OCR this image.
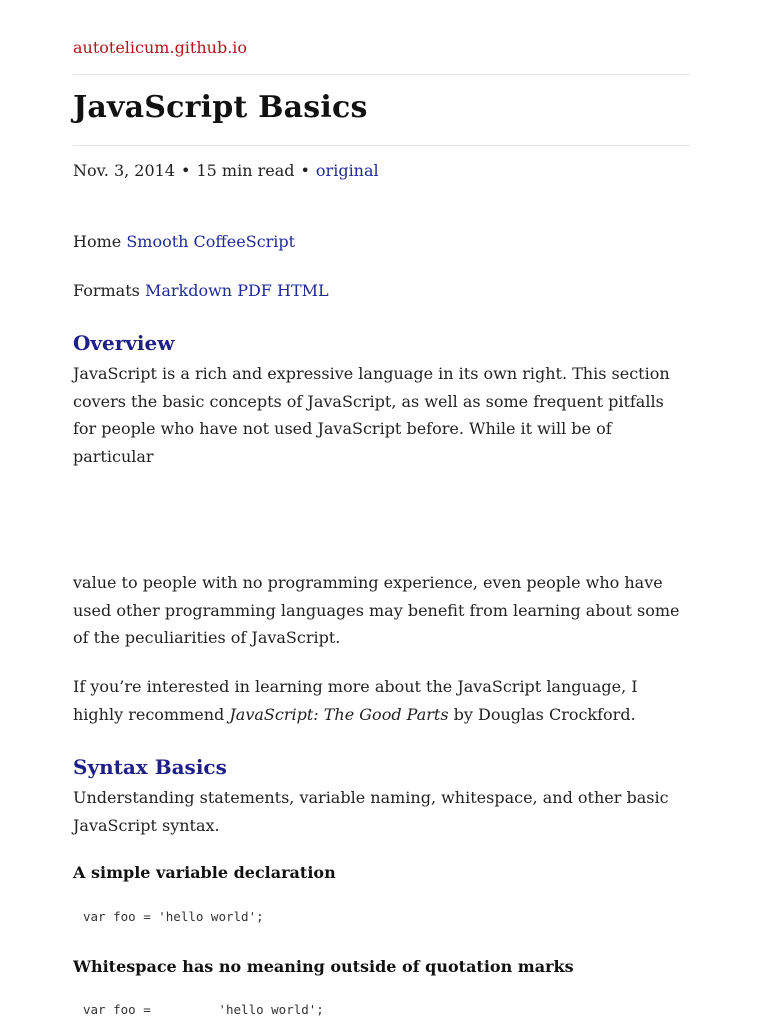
autotelicum.github.io
JavaScript Basics
Nov. 3, 2014 • 15 min read • original
Home Smooth CoffeeScript
Formats Markdown PDF HTML
Overview

JavaScript is a rich and expressive language in its own right. This section covers the basic concepts of JavaScript, as well as some frequent pitfalls for people who have not used JavaScript before. While it will be of particular

value to people with no programming experience, even people who have used other programming languages may benefit from learning about some of the peculiarities of JavaScript.

If you’re interested in learning more about the JavaScript language, I highly recommend JavaScript: The Good Parts by Douglas Crockford.

Syntax Basics

Understanding statements, variable naming, whitespace, and other basic JavaScript syntax.

A simple variable declaration
var foo = 'hello world';
Whitespace has no meaning outside of quotation marks
var foo =         'hello world';
